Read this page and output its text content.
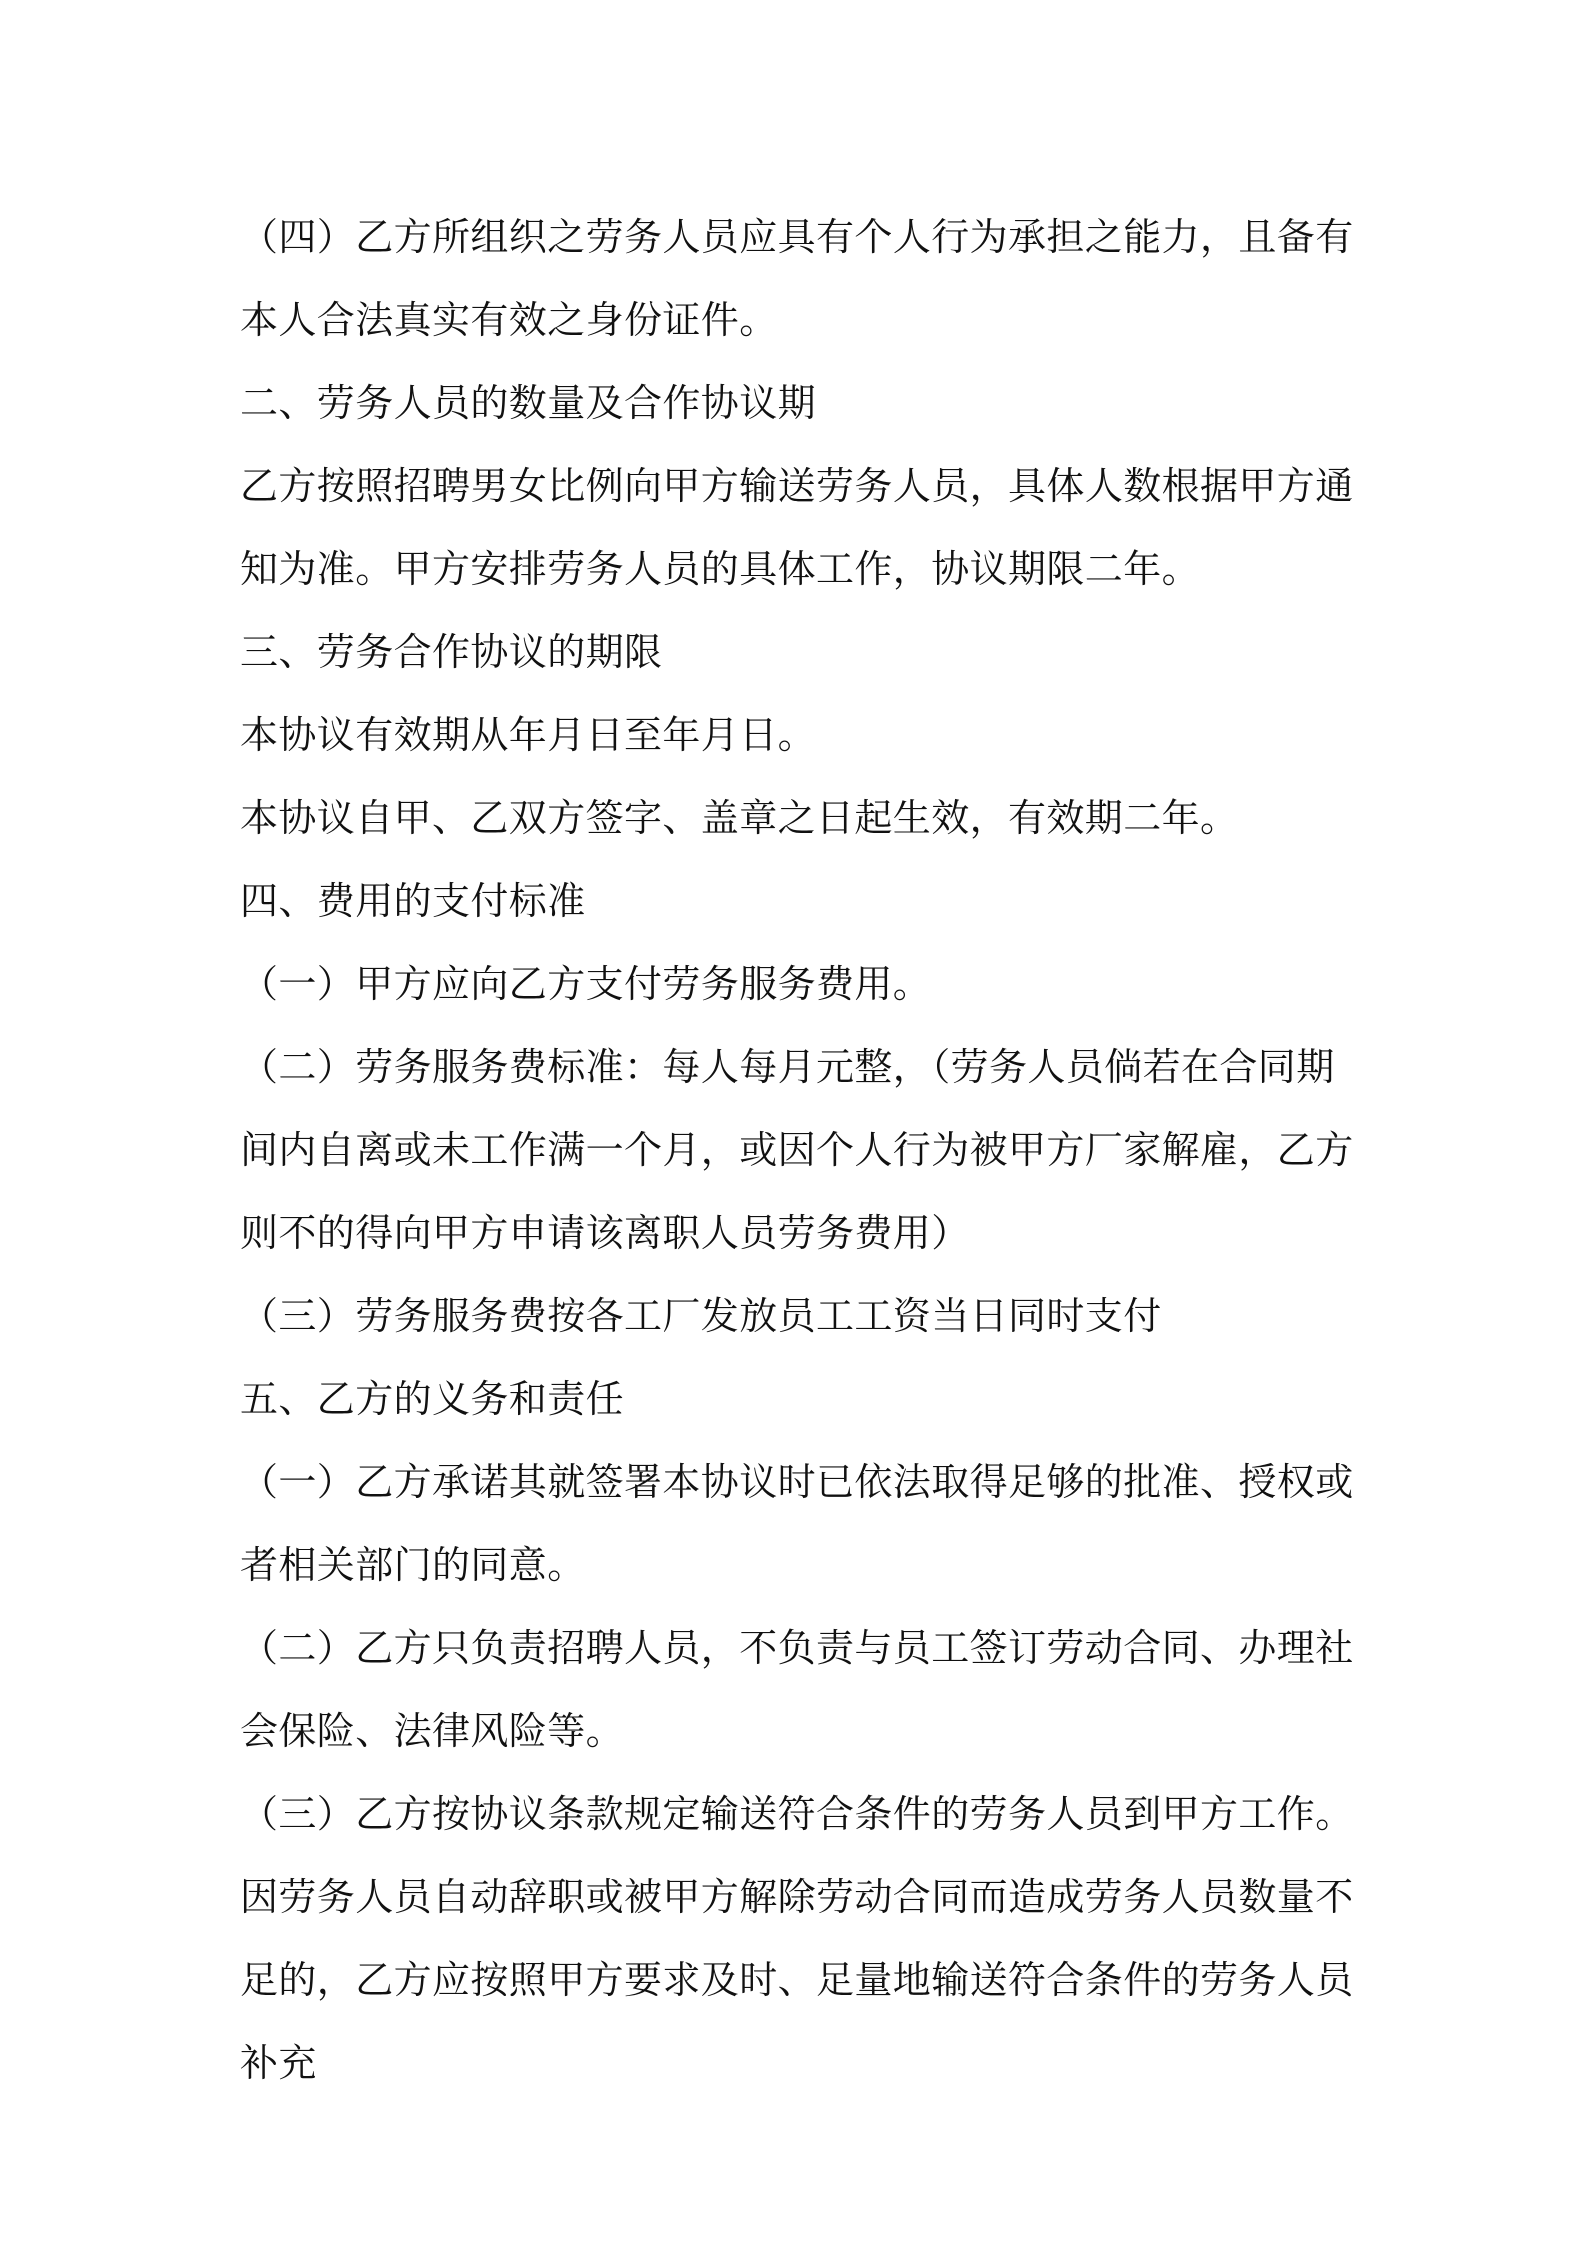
（四）乙方所组织之劳务人员应具有个人行为承担之能力，且备有本人合法真实有效之身份证件。

二、劳务人员的数量及合作协议期

乙方按照招聘男女比例向甲方输送劳务人员，具体人数根据甲方通知为准。甲方安排劳务人员的具体工作，协议期限二年。

三、劳务合作协议的期限

本协议有效期从年月日至年月日。

本协议自甲、乙双方签字、盖章之日起生效，有效期二年。

四、费用的支付标准

（一）甲方应向乙方支付劳务服务费用。

（二）劳务服务费标准：每人每月元整，（劳务人员倘若在合同期间内自离或未工作满一个月，或因个人行为被甲方厂家解雇，乙方则不的得向甲方申请该离职人员劳务费用）

（三）劳务服务费按各工厂发放员工工资当日同时支付

五、乙方的义务和责任

（一）乙方承诺其就签署本协议时已依法取得足够的批准、授权或者相关部门的同意。

（二）乙方只负责招聘人员，不负责与员工签订劳动合同、办理社会保险、法律风险等。

（三）乙方按协议条款规定输送符合条件的劳务人员到甲方工作。因劳务人员自动辞职或被甲方解除劳动合同而造成劳务人员数量不足的，乙方应按照甲方要求及时、足量地输送符合条件的劳务人员补充
